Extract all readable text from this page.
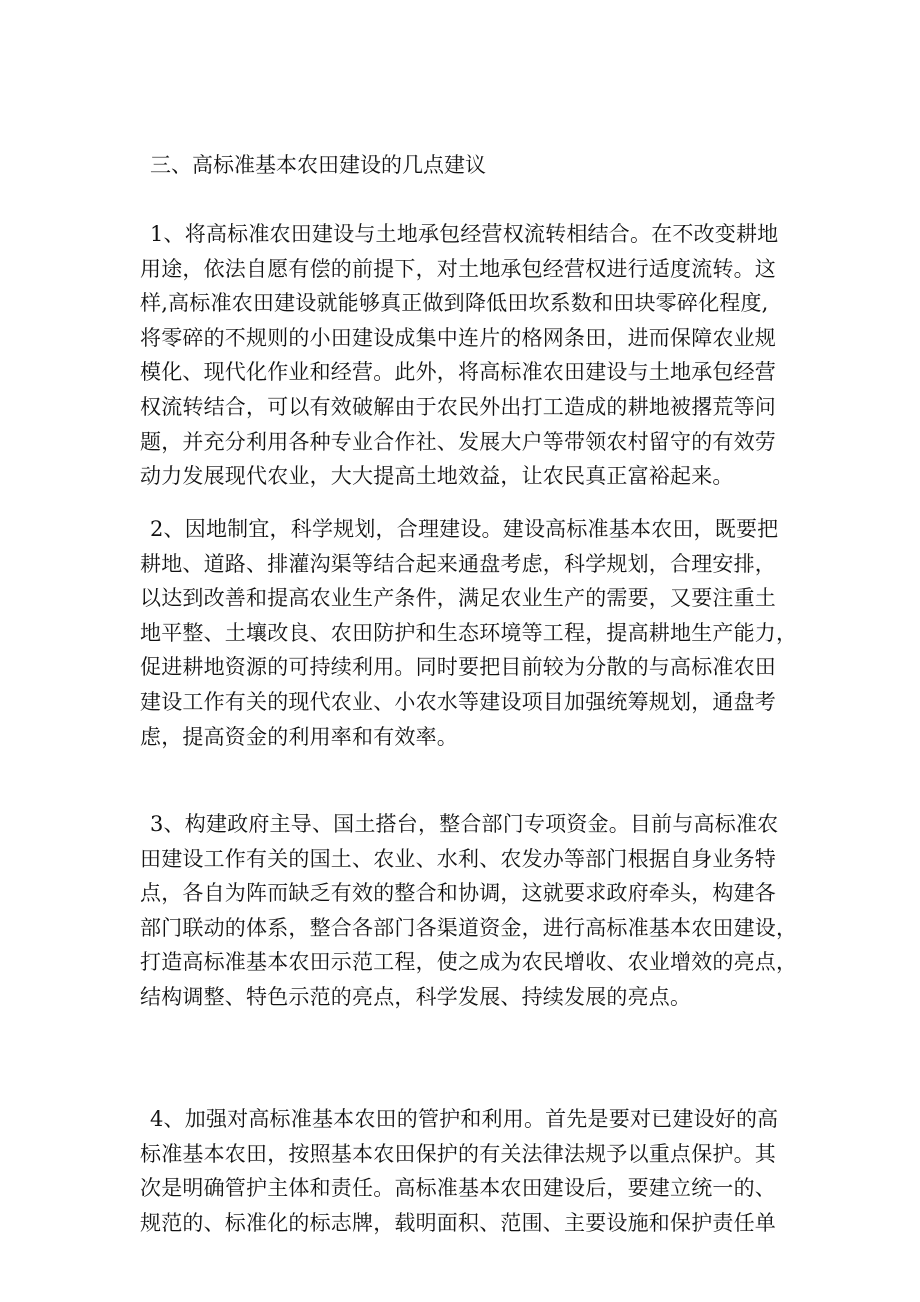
三、高标准基本农田建设的几点建议
1、将高标准农田建设与土地承包经营权流转相结合。在不改变耕地
用途，依法自愿有偿的前提下，对土地承包经营权进行适度流转。这
样,高标准农田建设就能够真正做到降低田坎系数和田块零碎化程度,
将零碎的不规则的小田建设成集中连片的格网条田，进而保障农业规
模化、现代化作业和经营。此外，将高标准农田建设与土地承包经营
权流转结合，可以有效破解由于农民外出打工造成的耕地被撂荒等问
题，并充分利用各种专业合作社、发展大户等带领农村留守的有效劳
动力发展现代农业，大大提高土地效益，让农民真正富裕起来。
2、因地制宜，科学规划，合理建设。建设高标准基本农田，既要把
耕地、道路、排灌沟渠等结合起来通盘考虑，科学规划，合理安排，
以达到改善和提高农业生产条件，满足农业生产的需要，又要注重土
地平整、土壤改良、农田防护和生态环境等工程，提高耕地生产能力，
促进耕地资源的可持续利用。同时要把目前较为分散的与高标准农田
建设工作有关的现代农业、小农水等建设项目加强统筹规划，通盘考
虑，提高资金的利用率和有效率。
3、构建政府主导、国土搭台，整合部门专项资金。目前与高标准农
田建设工作有关的国土、农业、水利、农发办等部门根据自身业务特
点，各自为阵而缺乏有效的整合和协调，这就要求政府牵头，构建各
部门联动的体系，整合各部门各渠道资金，进行高标准基本农田建设，
打造高标准基本农田示范工程，使之成为农民增收、农业增效的亮点，
结构调整、特色示范的亮点，科学发展、持续发展的亮点。
4、加强对高标准基本农田的管护和利用。首先是要对已建设好的高
标准基本农田，按照基本农田保护的有关法律法规予以重点保护。其
次是明确管护主体和责任。高标准基本农田建设后，要建立统一的、
规范的、标准化的标志牌，载明面积、范围、主要设施和保护责任单
